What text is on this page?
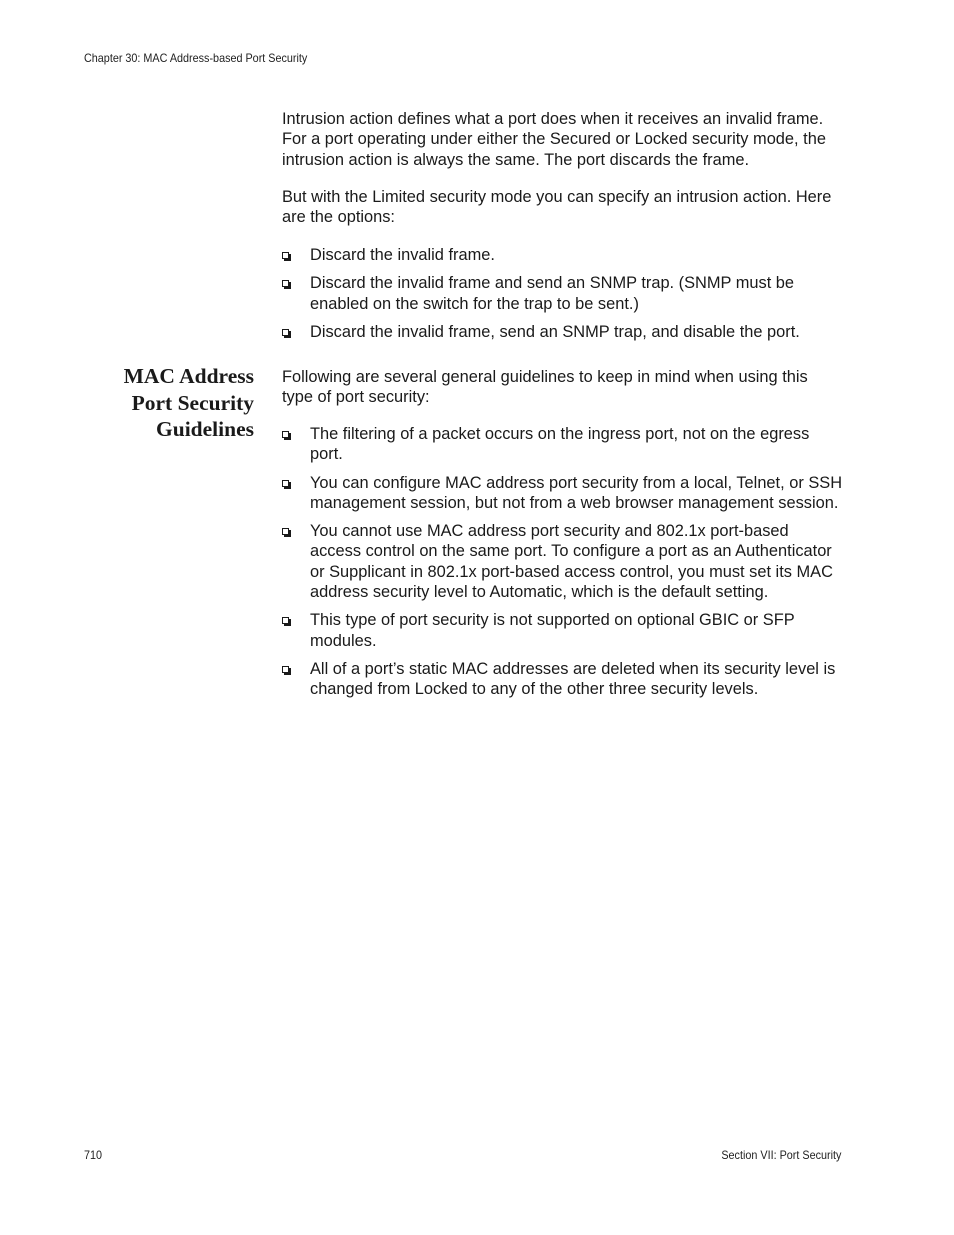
Chapter 30: MAC Address-based Port Security

Intrusion action defines what a port does when it receives an invalid frame. For a port operating under either the Secured or Locked security mode, the intrusion action is always the same. The port discards the frame.

But with the Limited security mode you can specify an intrusion action. Here are the options:

Discard the invalid frame.
Discard the invalid frame and send an SNMP trap. (SNMP must be enabled on the switch for the trap to be sent.)
Discard the invalid frame, send an SNMP trap, and disable the port.
MAC Address
Port Security
Guidelines

Following are several general guidelines to keep in mind when using this type of port security:

The filtering of a packet occurs on the ingress port, not on the egress port.
You can configure MAC address port security from a local, Telnet, or SSH management session, but not from a web browser management session.
You cannot use MAC address port security and 802.1x port-based access control on the same port. To configure a port as an Authenticator or Supplicant in 802.1x port-based access control, you must set its MAC address security level to Automatic, which is the default setting.
This type of port security is not supported on optional GBIC or SFP modules.
All of a port’s static MAC addresses are deleted when its security level is changed from Locked to any of the other three security levels.
710	Section VII: Port Security
